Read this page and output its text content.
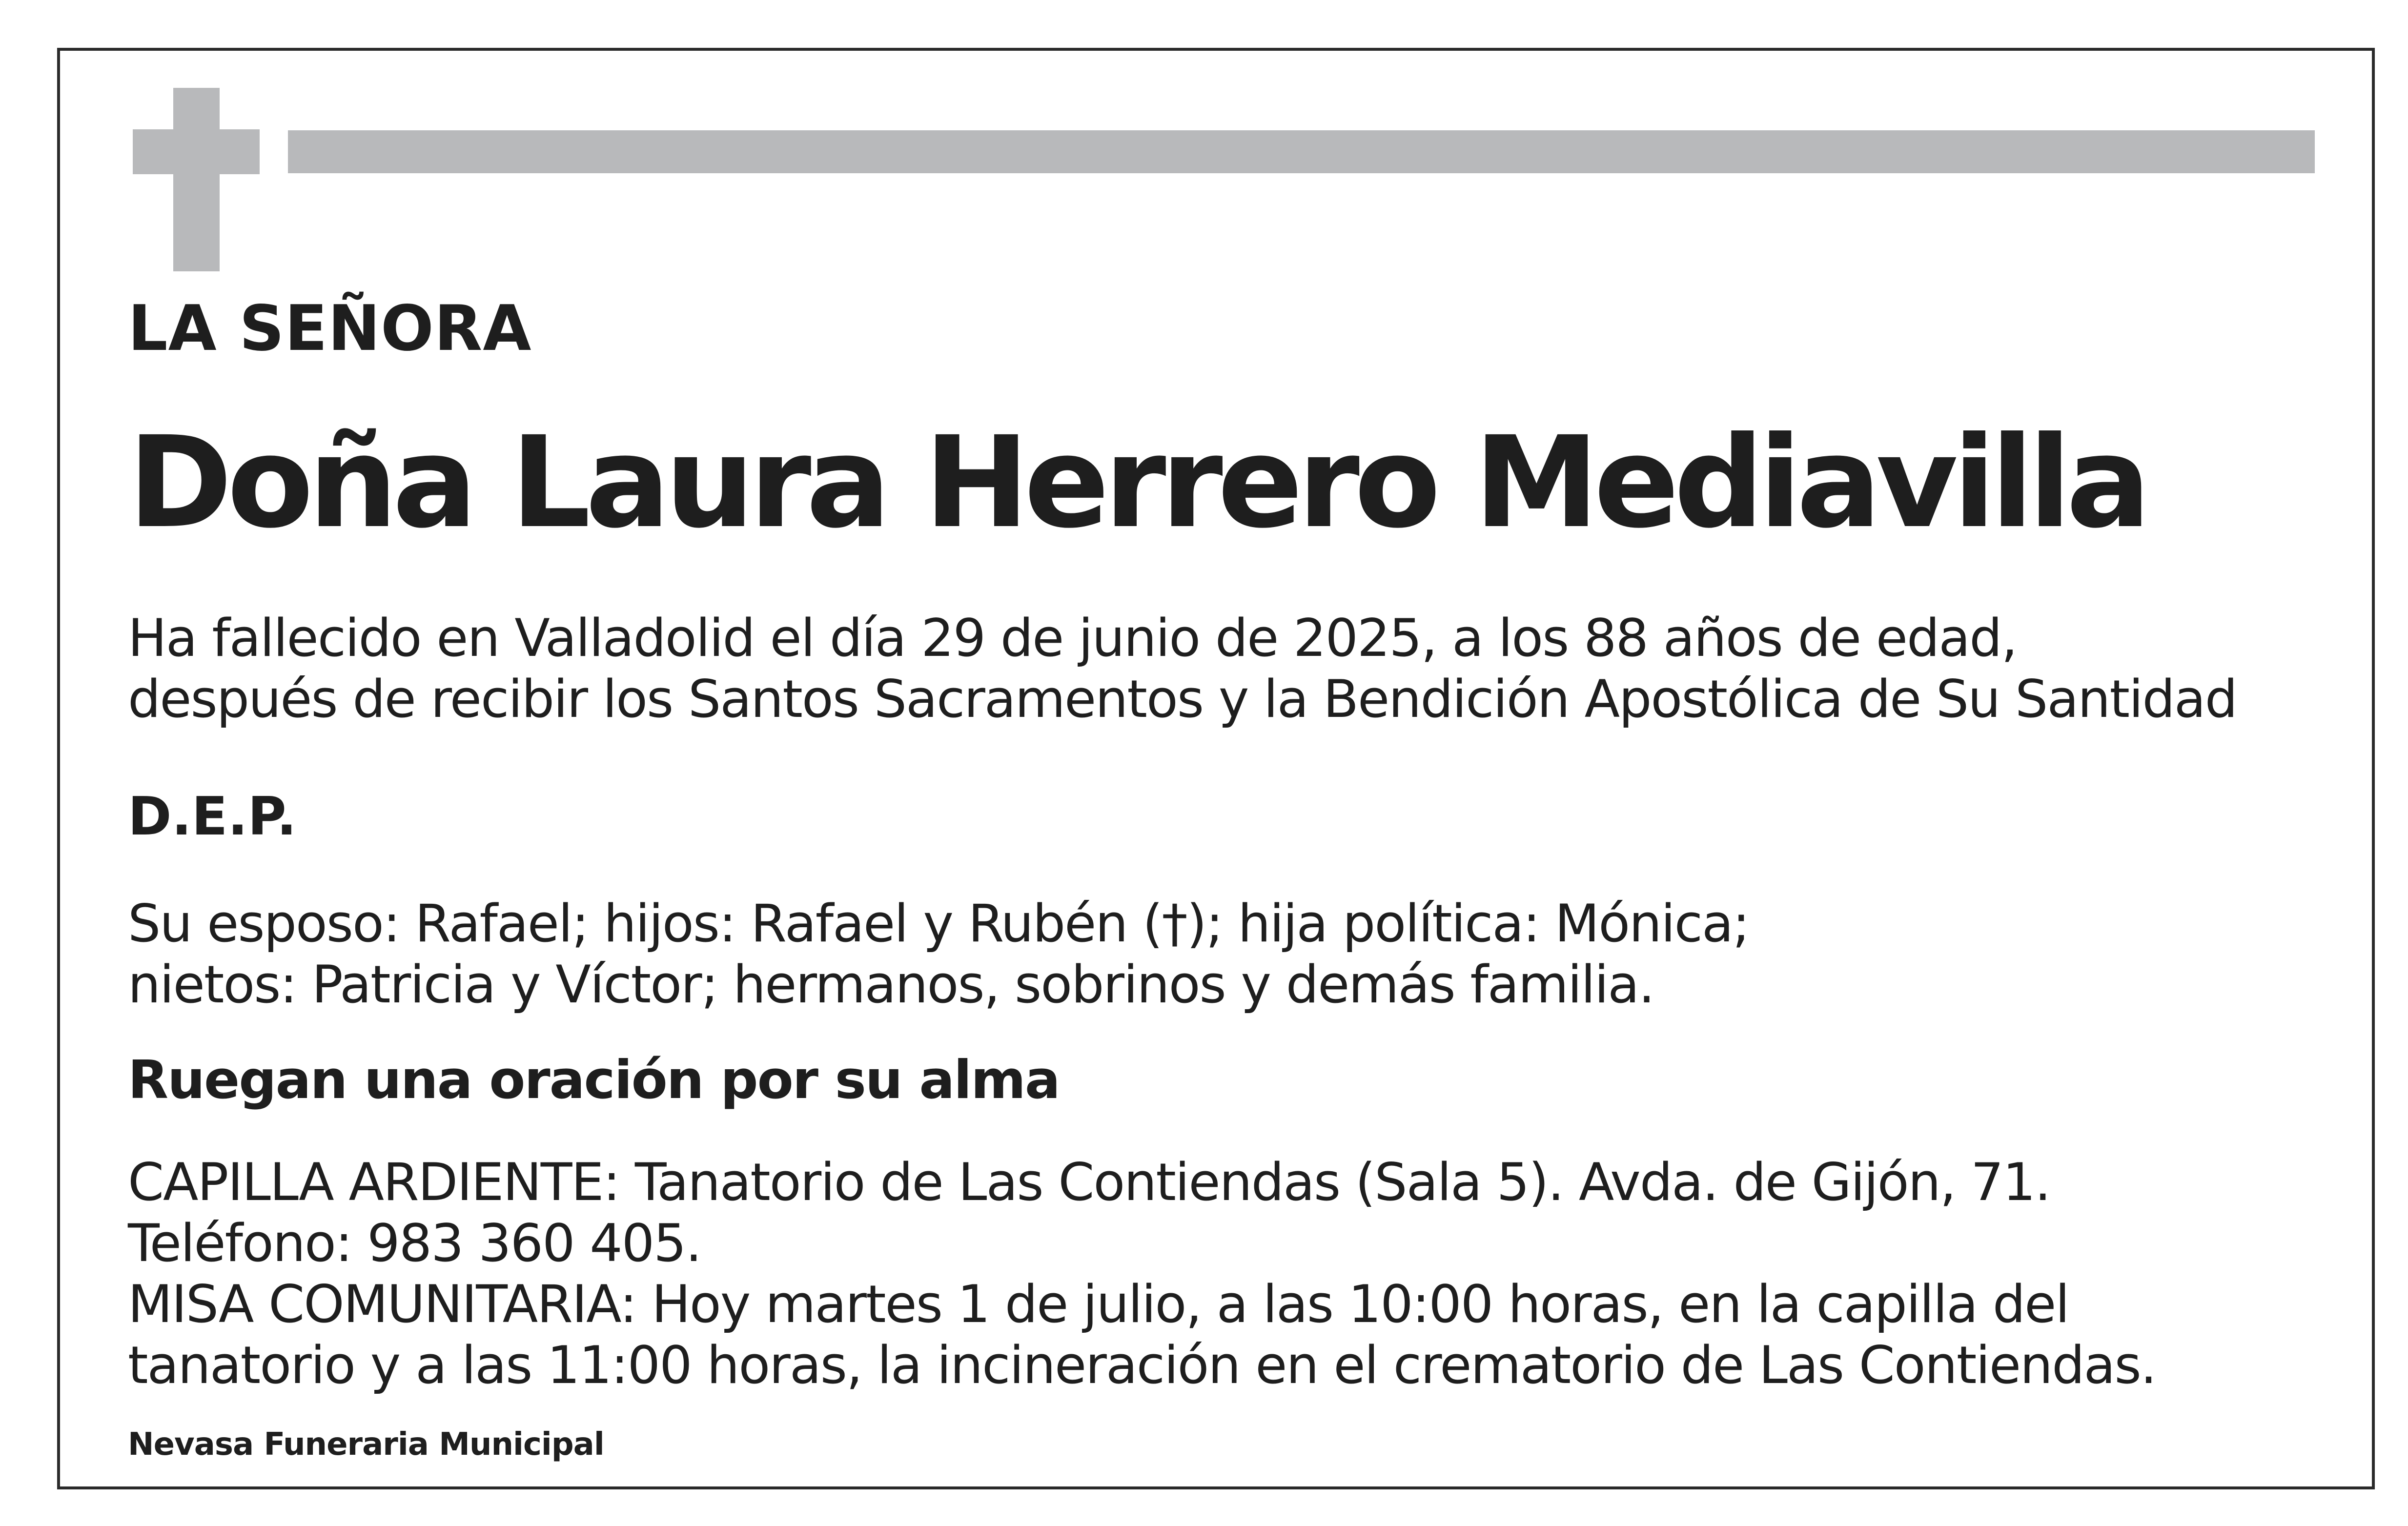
LA SEÑORA

Doña Laura Herrero Mediavilla

Ha fallecido en Valladolid el día 29 de junio de 2025, a los 88 años de edad,
después de recibir los Santos Sacramentos y la Bendición Apostólica de Su Santidad

D.E.P.

Su esposo: Rafael; hijos: Rafael y Rubén (†); hija política: Mónica;
nietos: Patricia y Víctor; hermanos, sobrinos y demás familia.

Ruegan una oración por su alma

CAPILLA ARDIENTE: Tanatorio de Las Contiendas (Sala 5). Avda. de Gijón, 71.
Teléfono: 983 360 405.
MISA COMUNITARIA: Hoy martes 1 de julio, a las 10:00 horas, en la capilla del
tanatorio y a las 11:00 horas, la incineración en el crematorio de Las Contiendas.

Nevasa Funeraria Municipal
